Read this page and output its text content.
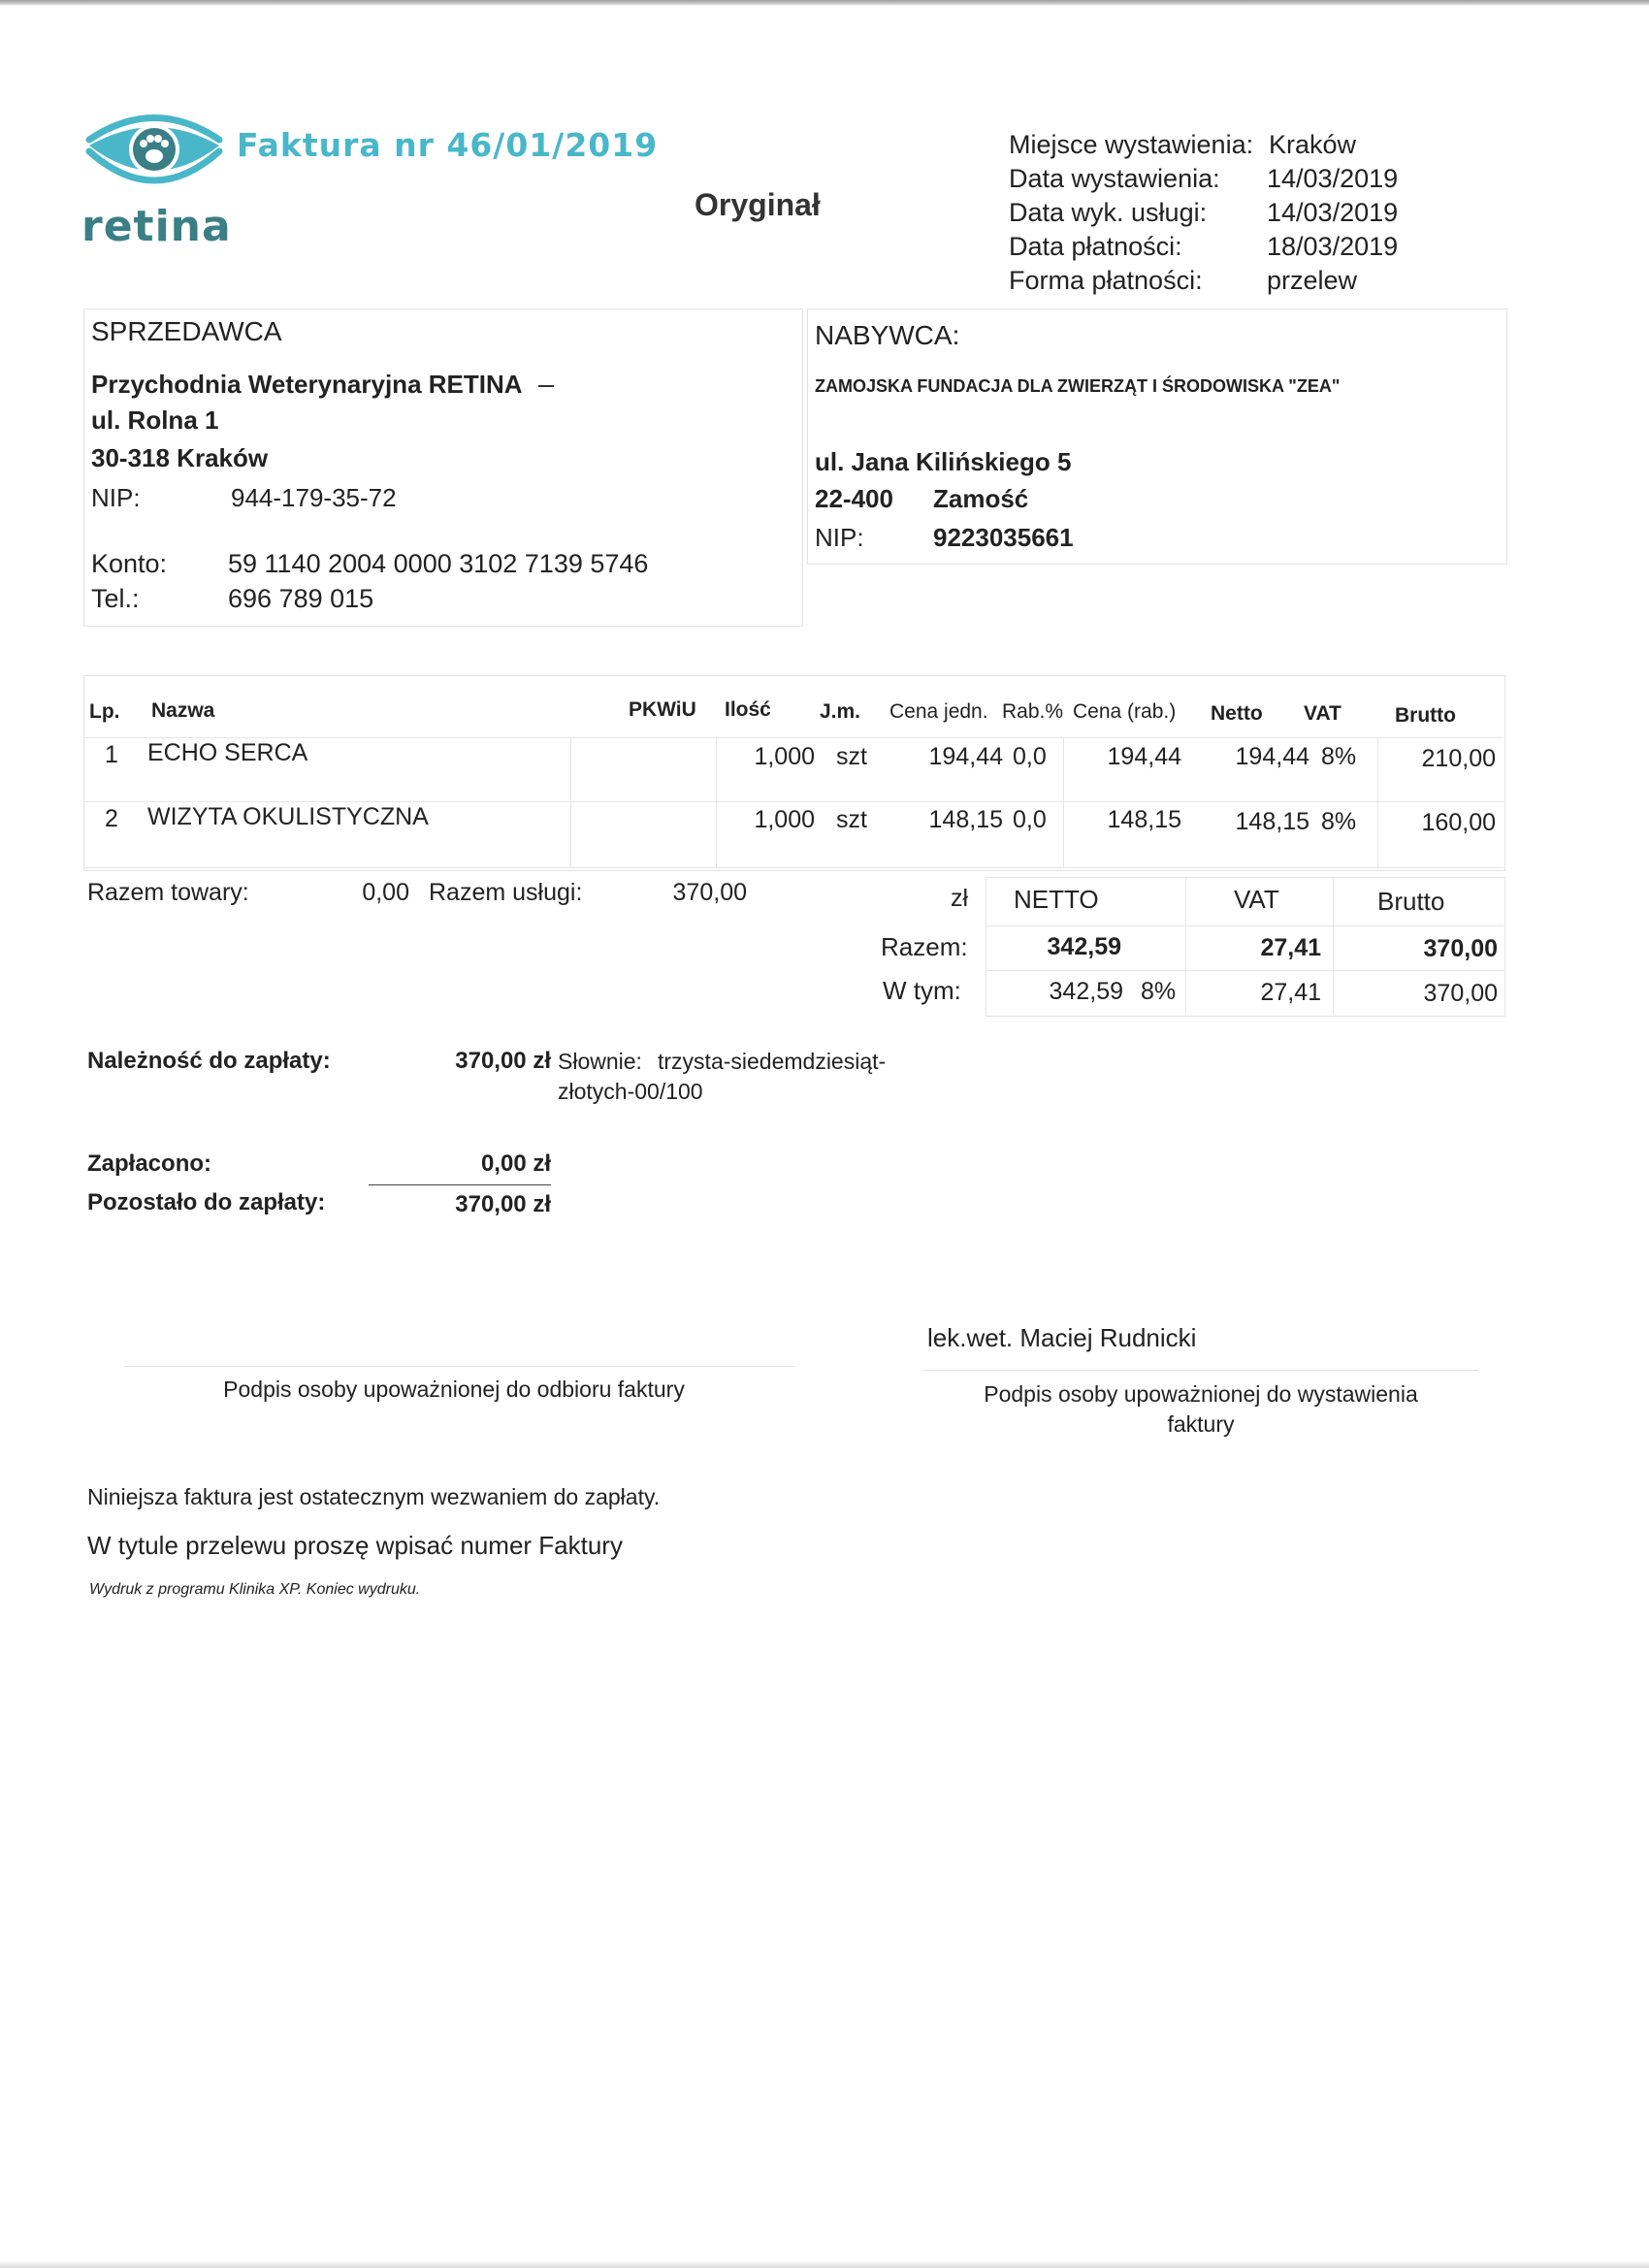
retina
Faktura nr 46/01/2019
Oryginał
Miejsce wystawienia: Kraków
Data wystawienia: 14/03/2019
Data wyk. usługi: 14/03/2019
Data płatności:	18/03/2019
Forma płatności: przelew
SPRZEDAWCA
Przychodnia Weterynaryjna RETINA
ul. Rolna 1
30-318 Kraków
NIP:	944-179-35-72
Konto: 59 1140 2004 0000 3102 7139 5746
Tel.:	696 789 015
NABYWCA:
ZAMOJSKA FUNDACJA DLA ZWIERZĄT I ŚRODOWISKA "ZEA"
ul. Jana Kilińskiego 5
22-400 Zamość
NIP:	9223035661
Lp. Nazwa	PKWiU Ilość J.m. Cena jedn. Rab.% Cena (rab.) Netto VAT	Brutto
1 ECHO SERCA	1,000 szt	194,44 0,0	194,44	194,44 8%	210,00
2 WIZYTA OKULISTYCZNA	1,000 szt	148,15 0,0	148,15	148,15 8%	160,00
Razem towary:	0,00 Razem usługi:	370,00	zł NETTO	VAT	Brutto
Razem:	342,59	27,41	370,00
W tym:	342,59 8%	27,41	370,00
Należność do zapłaty:	370,00 zł Słownie: trzysta-siedemdziesiąt-
złotych-00/100
Zapłacono:	0,00 zł
Pozostało do zapłaty:	370,00 zł
lek.wet. Maciej Rudnicki
Podpis osoby upoważnionej do odbioru faktury	Podpis osoby upoważnionej do wystawienia
faktury
Niniejsza faktura jest ostatecznym wezwaniem do zapłaty.
W tytule przelewu proszę wpisać numer Faktury
Wydruk z programu Klinika XP. Koniec wydruku.
